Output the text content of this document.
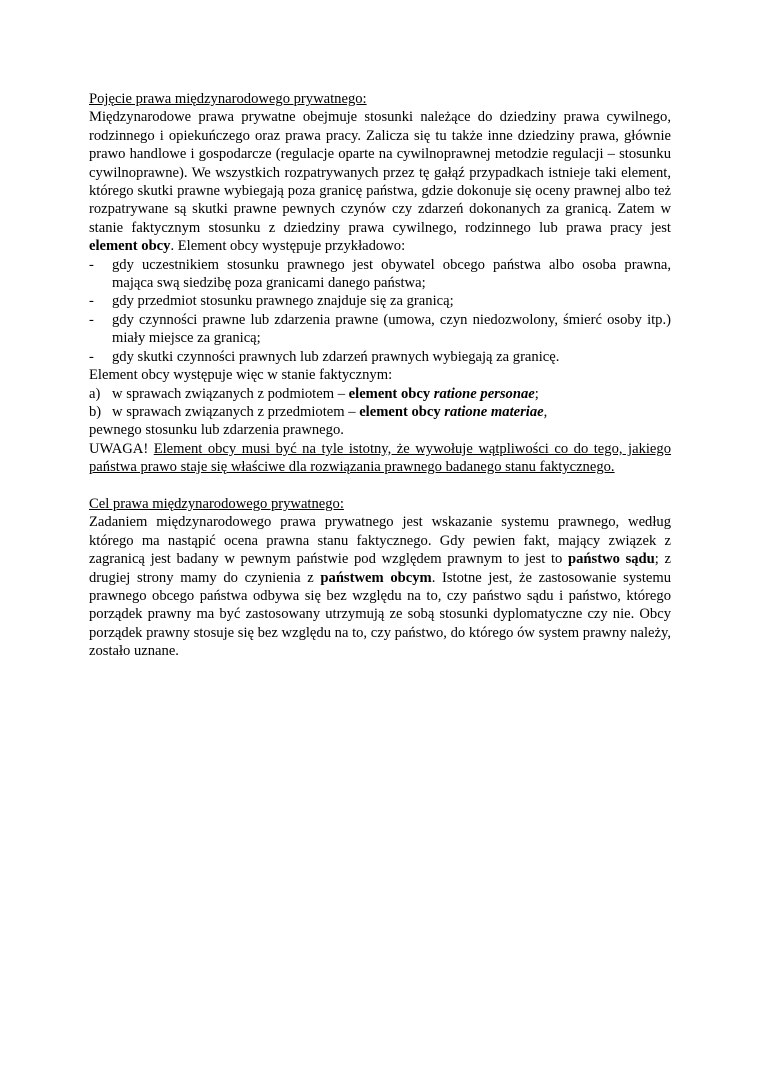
Pojęcie prawa międzynarodowego prywatnego:

Międzynarodowe prawa prywatne obejmuje stosunki należące do dziedziny prawa cywilnego, rodzinnego i opiekuńczego oraz prawa pracy. Zalicza się tu także inne dziedziny prawa, głównie prawo handlowe i gospodarcze (regulacje oparte na cywilnoprawnej metodzie regulacji – stosunku cywilnoprawne). We wszystkich rozpatrywanych przez tę gałąź przypadkach istnieje taki element, którego skutki prawne wybiegają poza granicę państwa, gdzie dokonuje się oceny prawnej albo też rozpatrywane są skutki prawne pewnych czynów czy zdarzeń dokonanych za granicą. Zatem w stanie faktycznym stosunku z dziedziny prawa cywilnego, rodzinnego lub prawa pracy jest element obcy. Element obcy występuje przykładowo:

- gdy uczestnikiem stosunku prawnego jest obywatel obcego państwa albo osoba prawna, mająca swą siedzibę poza granicami danego państwa;
- gdy przedmiot stosunku prawnego znajduje się za granicą;
- gdy czynności prawne lub zdarzenia prawne (umowa, czyn niedozwolony, śmierć osoby itp.) miały miejsce za granicą;
- gdy skutki czynności prawnych lub zdarzeń prawnych wybiegają za granicę.

Element obcy występuje więc w stanie faktycznym:

a) w sprawach związanych z podmiotem – element obcy ratione personae;
b) w sprawach związanych z przedmiotem – element obcy ratione materiae,

pewnego stosunku lub zdarzenia prawnego.

UWAGA! Element obcy musi być na tyle istotny, że wywołuje wątpliwości co do tego, jakiego państwa prawo staje się właściwe dla rozwiązania prawnego badanego stanu faktycznego.

Cel prawa międzynarodowego prywatnego:

Zadaniem międzynarodowego prawa prywatnego jest wskazanie systemu prawnego, według którego ma nastąpić ocena prawna stanu faktycznego. Gdy pewien fakt, mający związek z zagranicą jest badany w pewnym państwie pod względem prawnym to jest to państwo sądu; z drugiej strony mamy do czynienia z państwem obcym. Istotne jest, że zastosowanie systemu prawnego obcego państwa odbywa się bez względu na to, czy państwo sądu i państwo, którego porządek prawny ma być zastosowany utrzymują ze sobą stosunki dyplomatyczne czy nie. Obcy porządek prawny stosuje się bez względu na to, czy państwo, do którego ów system prawny należy, zostało uznane.
